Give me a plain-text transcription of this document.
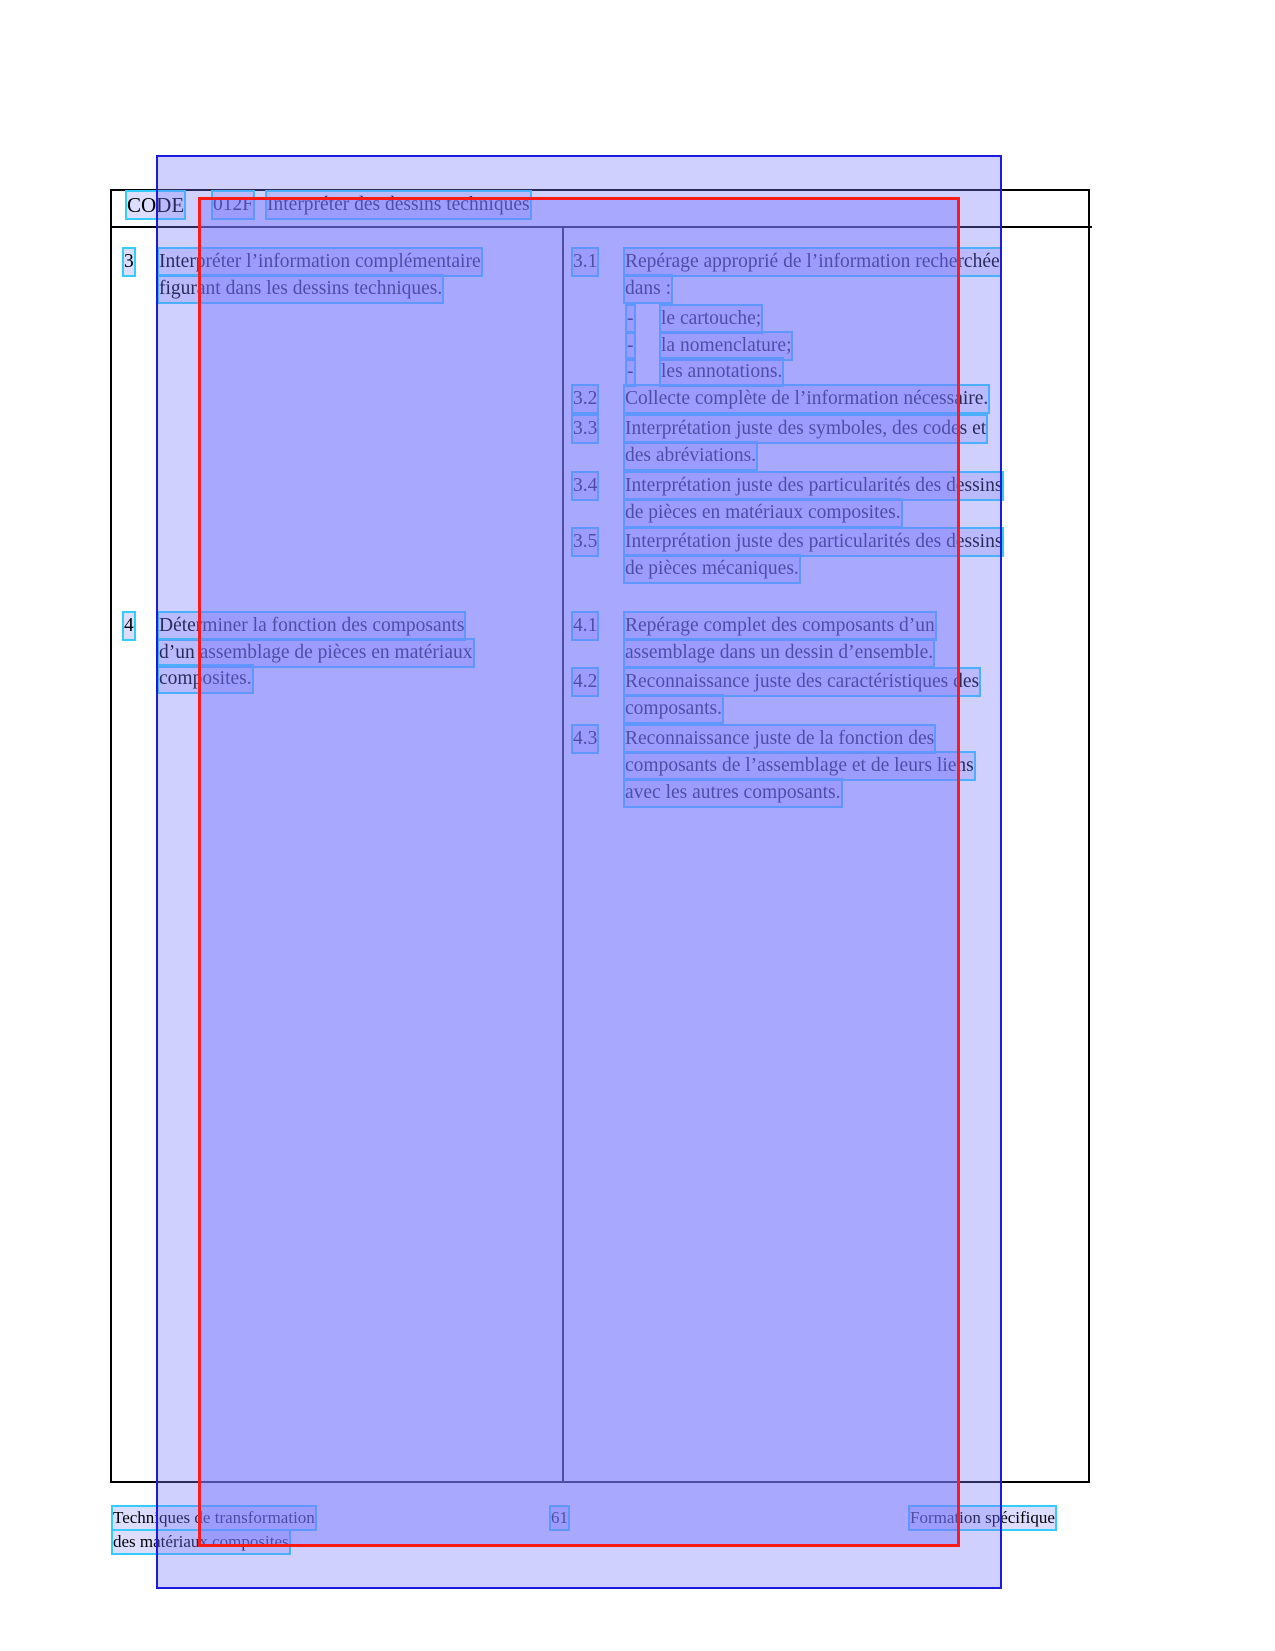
CODE 012F Interpréter des dessins techniques
3 Interpréter l’information complémentaire
figurant dans les dessins techniques.
3.1 Repérage approprié de l’information recherchée
dans :
- le cartouche;
- la nomenclature;
- les annotations.
3.2 Collecte complète de l’information nécessaire.
3.3 Interprétation juste des symboles, des codes et
des abréviations.
3.4 Interprétation juste des particularités des dessins
de pièces en matériaux composites.
3.5 Interprétation juste des particularités des dessins
de pièces mécaniques.
4 Déterminer la fonction des composants
d’un assemblage de pièces en matériaux
composites.
4.1 Repérage complet des composants d’un
assemblage dans un dessin d’ensemble.
4.2 Reconnaissance juste des caractéristiques des
composants.
4.3 Reconnaissance juste de la fonction des
composants de l’assemblage et de leurs liens
avec les autres composants.
Techniques de transformation
des matériaux composites
61	Formation spécifique
